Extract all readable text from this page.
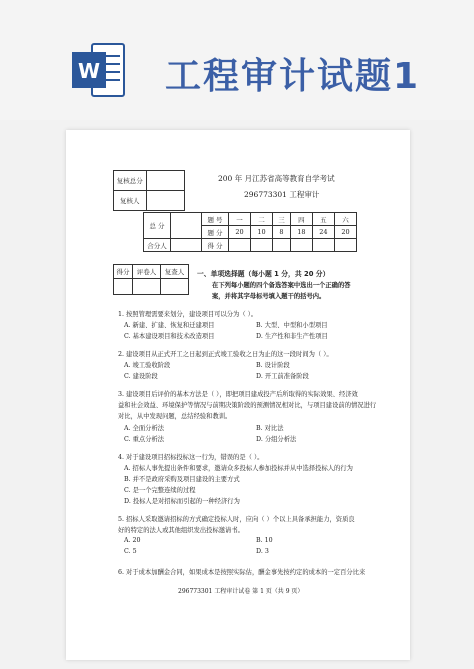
W 工程审计试题1
复核总分	
复核人	
200 年 月江苏省高等教育自学考试
296773301 工程审计
总 分		题 号	一	二	三	四	五	六
		题 分	20	10	8	18	24	20
合分人		得 分						
得分	评卷人	复查人
		一、单项选择题（每小题 1 分，共 20 分）
在下列每小题的四个备选答案中选出一个正确的答
案，并将其字母标号填入题干的括号内。
1. 按照管理需要来划分，建设项目可以分为（ ）。
A. 新建、扩建、恢复和迁建项目	B. 大型、中型和小型项目
C. 基本建设项目和技术改造项目	D. 生产性和非生产性项目
2. 建设项目从正式开工之日起到正式竣工验收之日为止的这一段时间为（ ）。
A. 竣工验收阶段	B. 设计阶段
C. 建设阶段	D. 开工前准备阶段
3. 建设项目后评价的基本方法是（ ），即把项目建成投产后所取得的实际效果、经济效
益和社会效益、环境保护等情况与前期决策阶段的预测情况相对比，与项目建设前的情况进行
对比，从中发现问题，总结经验和教训。
A. 全面分析法	B. 对比法
C. 重点分析法	D. 分组分析法
4. 对于建设项目招标投标这一行为，错误的是（ ）。
A. 招标人事先提出条件和要求，邀请众多投标人参加投标并从中选择投标人的行为
B. 并不是政府采购及项目建设的主要方式
C. 是一个完整连续的过程
D. 投标人是对招标而引起的一种经济行为
5. 招标人采取邀请招标的方式确定投标人时，应向（ ）个以上具备承担能力，资质良
好的特定的法人或其他组织发出投标邀请书。
A. 20	B. 10
C. 5	D. 3
6. 对于成本加酬金合同，如果成本是按照实际估，酬金事先按约定的成本的一定百分比来
296773301 工程审计试卷 第 1 页（共 9 页）
